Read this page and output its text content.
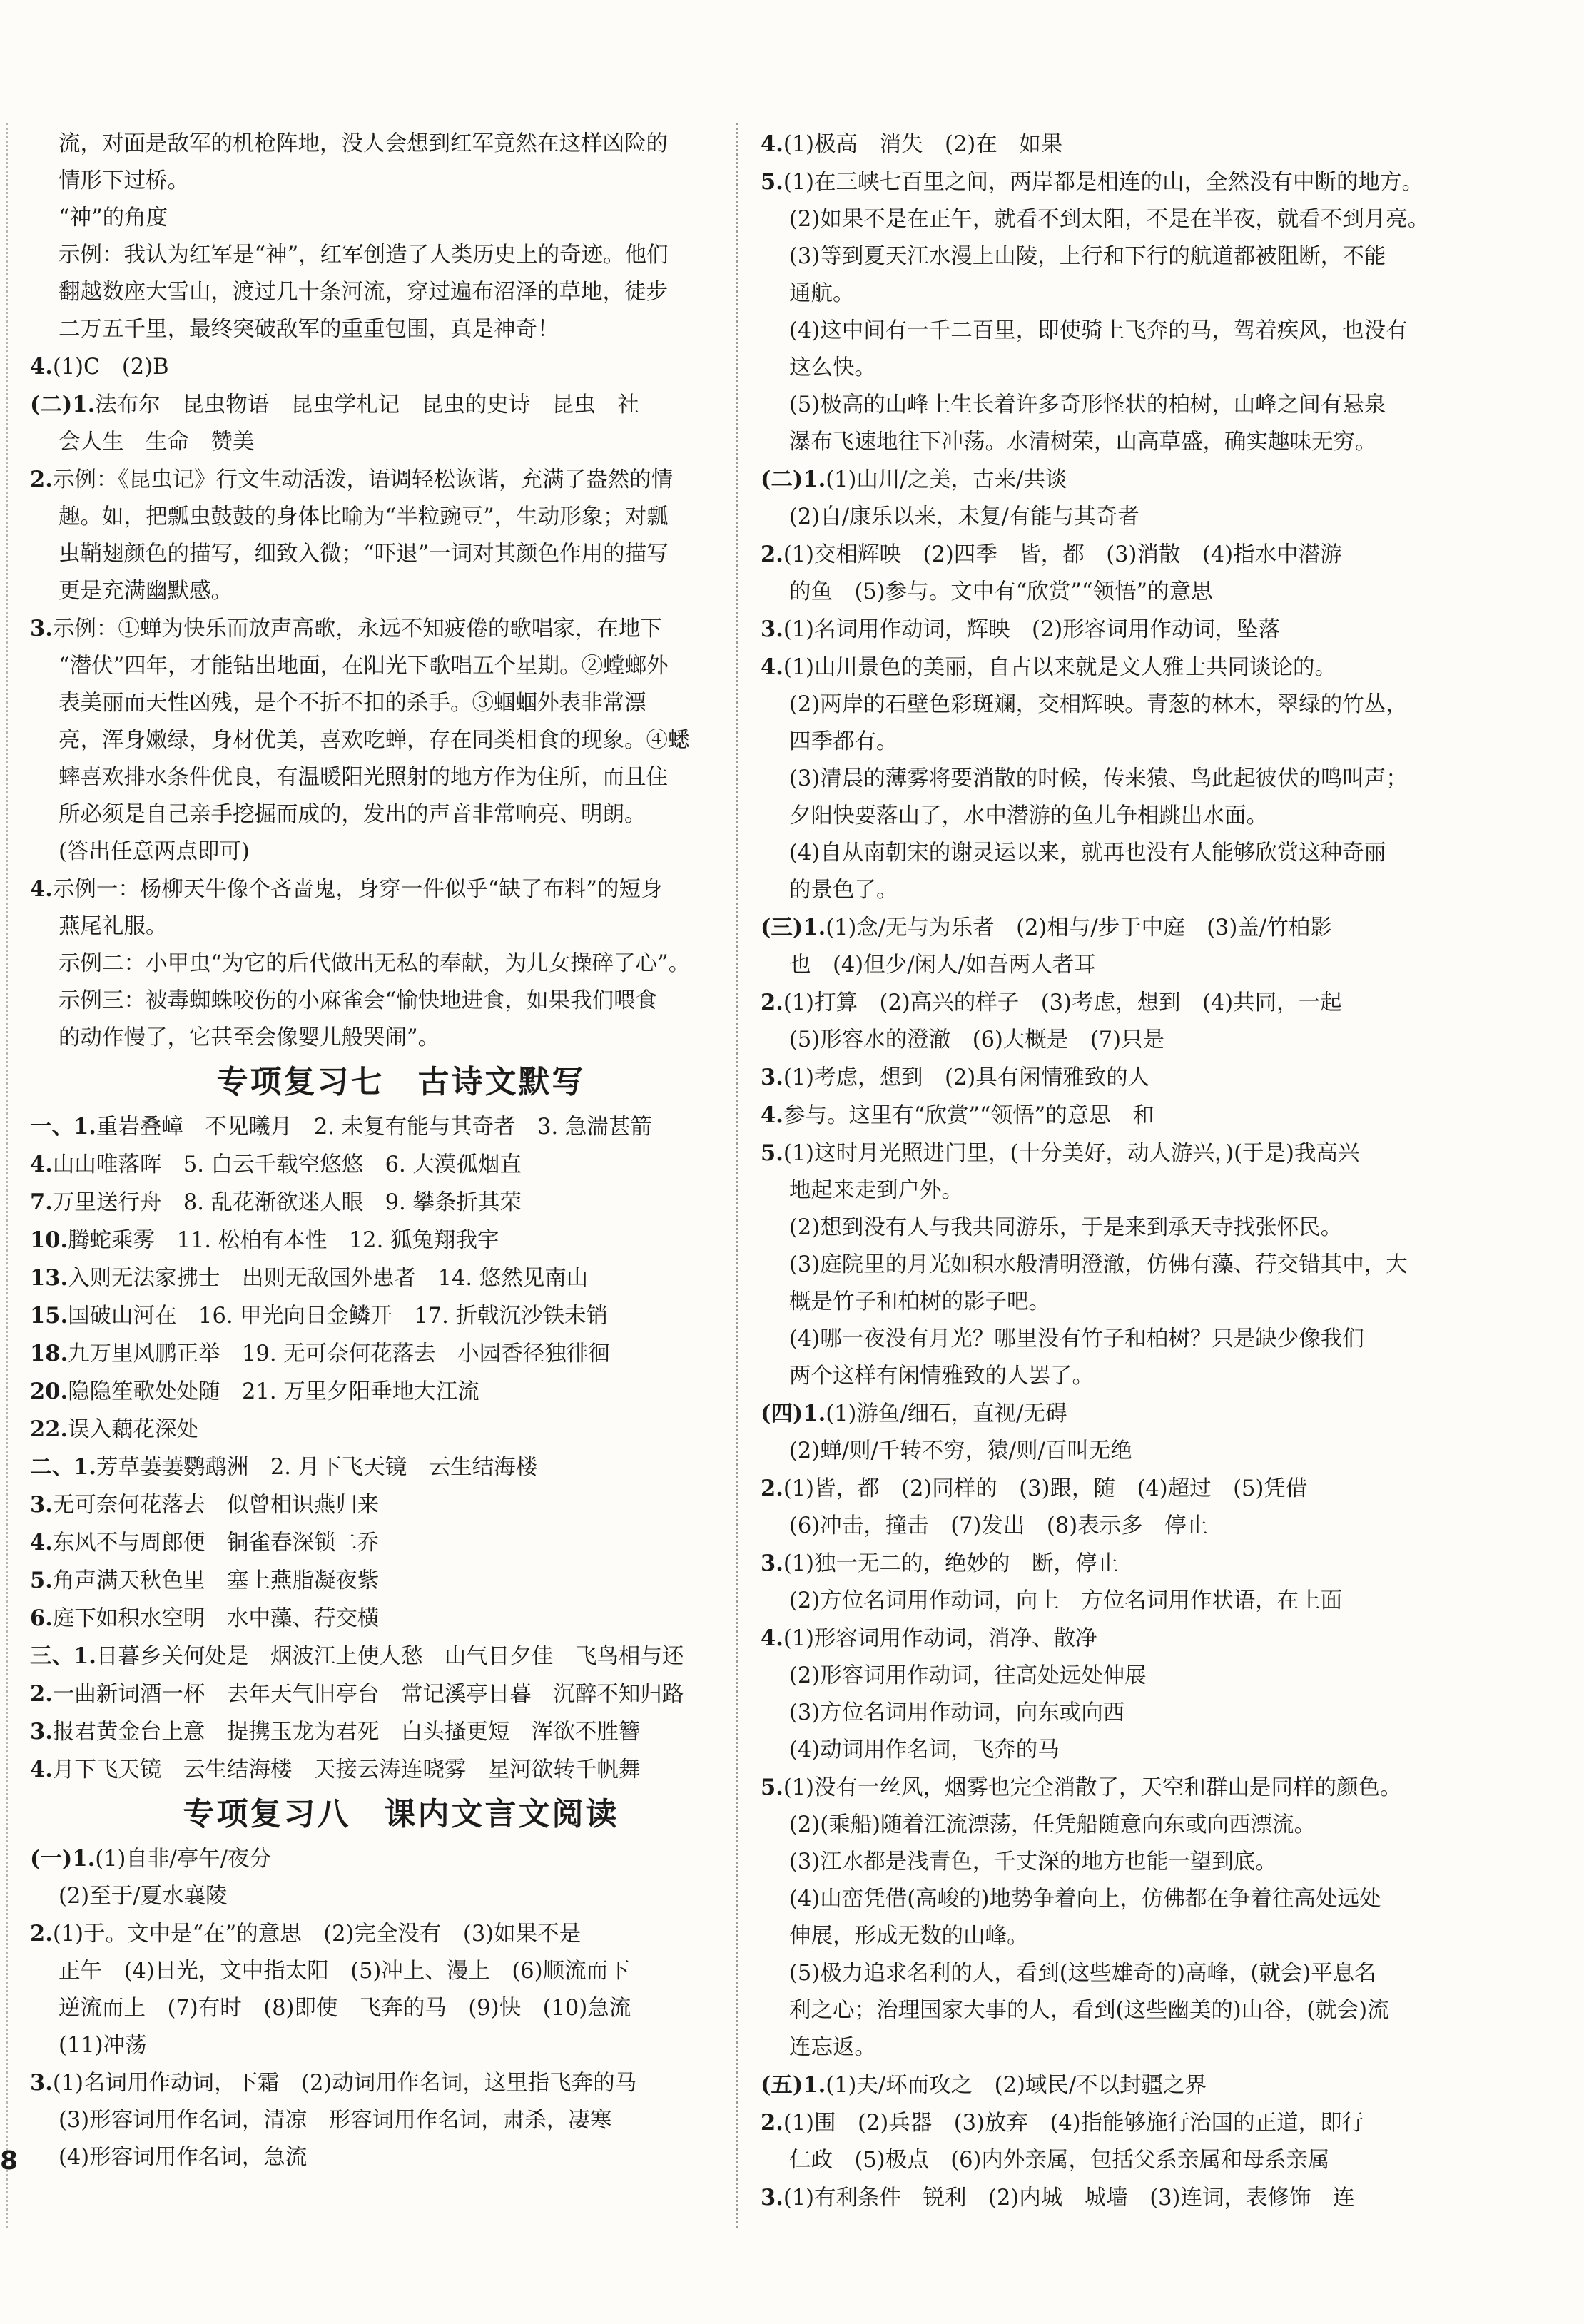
流，对面是敌军的机枪阵地，没人会想到红军竟然在这样凶险的
情形下过桥。
“神”的角度
示例：我认为红军是“神”，红军创造了人类历史上的奇迹。他们
翻越数座大雪山，渡过几十条河流，穿过遍布沼泽的草地，徒步
二万五千里，最终突破敌军的重重包围，真是神奇！
4.(1)C　(2)B
(二)1.法布尔　昆虫物语　昆虫学札记　昆虫的史诗　昆虫　社
会人生　生命　赞美
2.示例：《昆虫记》行文生动活泼，语调轻松诙谐，充满了盎然的情
趣。如，把瓢虫鼓鼓的身体比喻为“半粒豌豆”，生动形象；对瓢
虫鞘翅颜色的描写，细致入微；“吓退”一词对其颜色作用的描写
更是充满幽默感。
3.示例：①蝉为快乐而放声高歌，永远不知疲倦的歌唱家，在地下
“潜伏”四年，才能钻出地面，在阳光下歌唱五个星期。②螳螂外
表美丽而天性凶残，是个不折不扣的杀手。③蝈蝈外表非常漂
亮，浑身嫩绿，身材优美，喜欢吃蝉，存在同类相食的现象。④蟋
蟀喜欢排水条件优良，有温暖阳光照射的地方作为住所，而且住
所必须是自己亲手挖掘而成的，发出的声音非常响亮、明朗。
(答出任意两点即可)
4.示例一：杨柳天牛像个吝啬鬼，身穿一件似乎“缺了布料”的短身
燕尾礼服。
示例二：小甲虫“为它的后代做出无私的奉献，为儿女操碎了心”。
示例三：被毒蜘蛛咬伤的小麻雀会“愉快地进食，如果我们喂食
的动作慢了，它甚至会像婴儿般哭闹”。
专项复习七　古诗文默写
一、1.重岩叠嶂　不见曦月　2. 未复有能与其奇者　3. 急湍甚箭
4.山山唯落晖　5. 白云千载空悠悠　6. 大漠孤烟直
7.万里送行舟　8. 乱花渐欲迷人眼　9. 攀条折其荣
10.腾蛇乘雾　11. 松柏有本性　12. 狐兔翔我宇
13.入则无法家拂士　出则无敌国外患者　14. 悠然见南山
15.国破山河在　16. 甲光向日金鳞开　17. 折戟沉沙铁未销
18.九万里风鹏正举　19. 无可奈何花落去　小园香径独徘徊
20.隐隐笙歌处处随　21. 万里夕阳垂地大江流
22.误入藕花深处
二、1.芳草萋萋鹦鹉洲　2. 月下飞天镜　云生结海楼
3.无可奈何花落去　似曾相识燕归来
4.东风不与周郎便　铜雀春深锁二乔
5.角声满天秋色里　塞上燕脂凝夜紫
6.庭下如积水空明　水中藻、荇交横
三、1.日暮乡关何处是　烟波江上使人愁　山气日夕佳　飞鸟相与还
2.一曲新词酒一杯　去年天气旧亭台　常记溪亭日暮　沉醉不知归路
3.报君黄金台上意　提携玉龙为君死　白头搔更短　浑欲不胜簪
4.月下飞天镜　云生结海楼　天接云涛连晓雾　星河欲转千帆舞
专项复习八　课内文言文阅读
(一)1.(1)自非/亭午/夜分
(2)至于/夏水襄陵
2.(1)于。文中是“在”的意思　(2)完全没有　(3)如果不是
正午　(4)日光，文中指太阳　(5)冲上、漫上　(6)顺流而下
逆流而上　(7)有时　(8)即使　飞奔的马　(9)快　(10)急流
(11)冲荡
3.(1)名词用作动词，下霜　(2)动词用作名词，这里指飞奔的马
(3)形容词用作名词，清凉　形容词用作名词，肃杀，凄寒
(4)形容词用作名词，急流
4.(1)极高　消失　(2)在　如果
5.(1)在三峡七百里之间，两岸都是相连的山，全然没有中断的地方。
(2)如果不是在正午，就看不到太阳，不是在半夜，就看不到月亮。
(3)等到夏天江水漫上山陵，上行和下行的航道都被阻断，不能
通航。
(4)这中间有一千二百里，即使骑上飞奔的马，驾着疾风，也没有
这么快。
(5)极高的山峰上生长着许多奇形怪状的柏树，山峰之间有悬泉
瀑布飞速地往下冲荡。水清树荣，山高草盛，确实趣味无穷。
(二)1.(1)山川/之美，古来/共谈
(2)自/康乐以来，未复/有能与其奇者
2.(1)交相辉映　(2)四季　皆，都　(3)消散　(4)指水中潜游
的鱼　(5)参与。文中有“欣赏”“领悟”的意思
3.(1)名词用作动词，辉映　(2)形容词用作动词，坠落
4.(1)山川景色的美丽，自古以来就是文人雅士共同谈论的。
(2)两岸的石壁色彩斑斓，交相辉映。青葱的林木，翠绿的竹丛，
四季都有。
(3)清晨的薄雾将要消散的时候，传来猿、鸟此起彼伏的鸣叫声；
夕阳快要落山了，水中潜游的鱼儿争相跳出水面。
(4)自从南朝宋的谢灵运以来，就再也没有人能够欣赏这种奇丽
的景色了。
(三)1.(1)念/无与为乐者　(2)相与/步于中庭　(3)盖/竹柏影
也　(4)但少/闲人/如吾两人者耳
2.(1)打算　(2)高兴的样子　(3)考虑，想到　(4)共同，一起
(5)形容水的澄澈　(6)大概是　(7)只是
3.(1)考虑，想到　(2)具有闲情雅致的人
4.参与。这里有“欣赏”“领悟”的意思　和
5.(1)这时月光照进门里，(十分美好，动人游兴，)(于是)我高兴
地起来走到户外。
(2)想到没有人与我共同游乐，于是来到承天寺找张怀民。
(3)庭院里的月光如积水般清明澄澈，仿佛有藻、荇交错其中，大
概是竹子和柏树的影子吧。
(4)哪一夜没有月光？哪里没有竹子和柏树？只是缺少像我们
两个这样有闲情雅致的人罢了。
(四)1.(1)游鱼/细石，直视/无碍
(2)蝉/则/千转不穷，猿/则/百叫无绝
2.(1)皆，都　(2)同样的　(3)跟，随　(4)超过　(5)凭借
(6)冲击，撞击　(7)发出　(8)表示多　停止
3.(1)独一无二的，绝妙的　断，停止
(2)方位名词用作动词，向上　方位名词用作状语，在上面
4.(1)形容词用作动词，消净、散净
(2)形容词用作动词，往高处远处伸展
(3)方位名词用作动词，向东或向西
(4)动词用作名词，飞奔的马
5.(1)没有一丝风，烟雾也完全消散了，天空和群山是同样的颜色。
(2)(乘船)随着江流漂荡，任凭船随意向东或向西漂流。
(3)江水都是浅青色，千丈深的地方也能一望到底。
(4)山峦凭借(高峻的)地势争着向上，仿佛都在争着往高处远处
伸展，形成无数的山峰。
(5)极力追求名利的人，看到(这些雄奇的)高峰，(就会)平息名
利之心；治理国家大事的人，看到(这些幽美的)山谷，(就会)流
连忘返。
(五)1.(1)夫/环而攻之　(2)域民/不以封疆之界
2.(1)围　(2)兵器　(3)放弃　(4)指能够施行治国的正道，即行
仁政　(5)极点　(6)内外亲属，包括父系亲属和母系亲属
3.(1)有利条件　锐利　(2)内城　城墙　(3)连词，表修饰　连
8
